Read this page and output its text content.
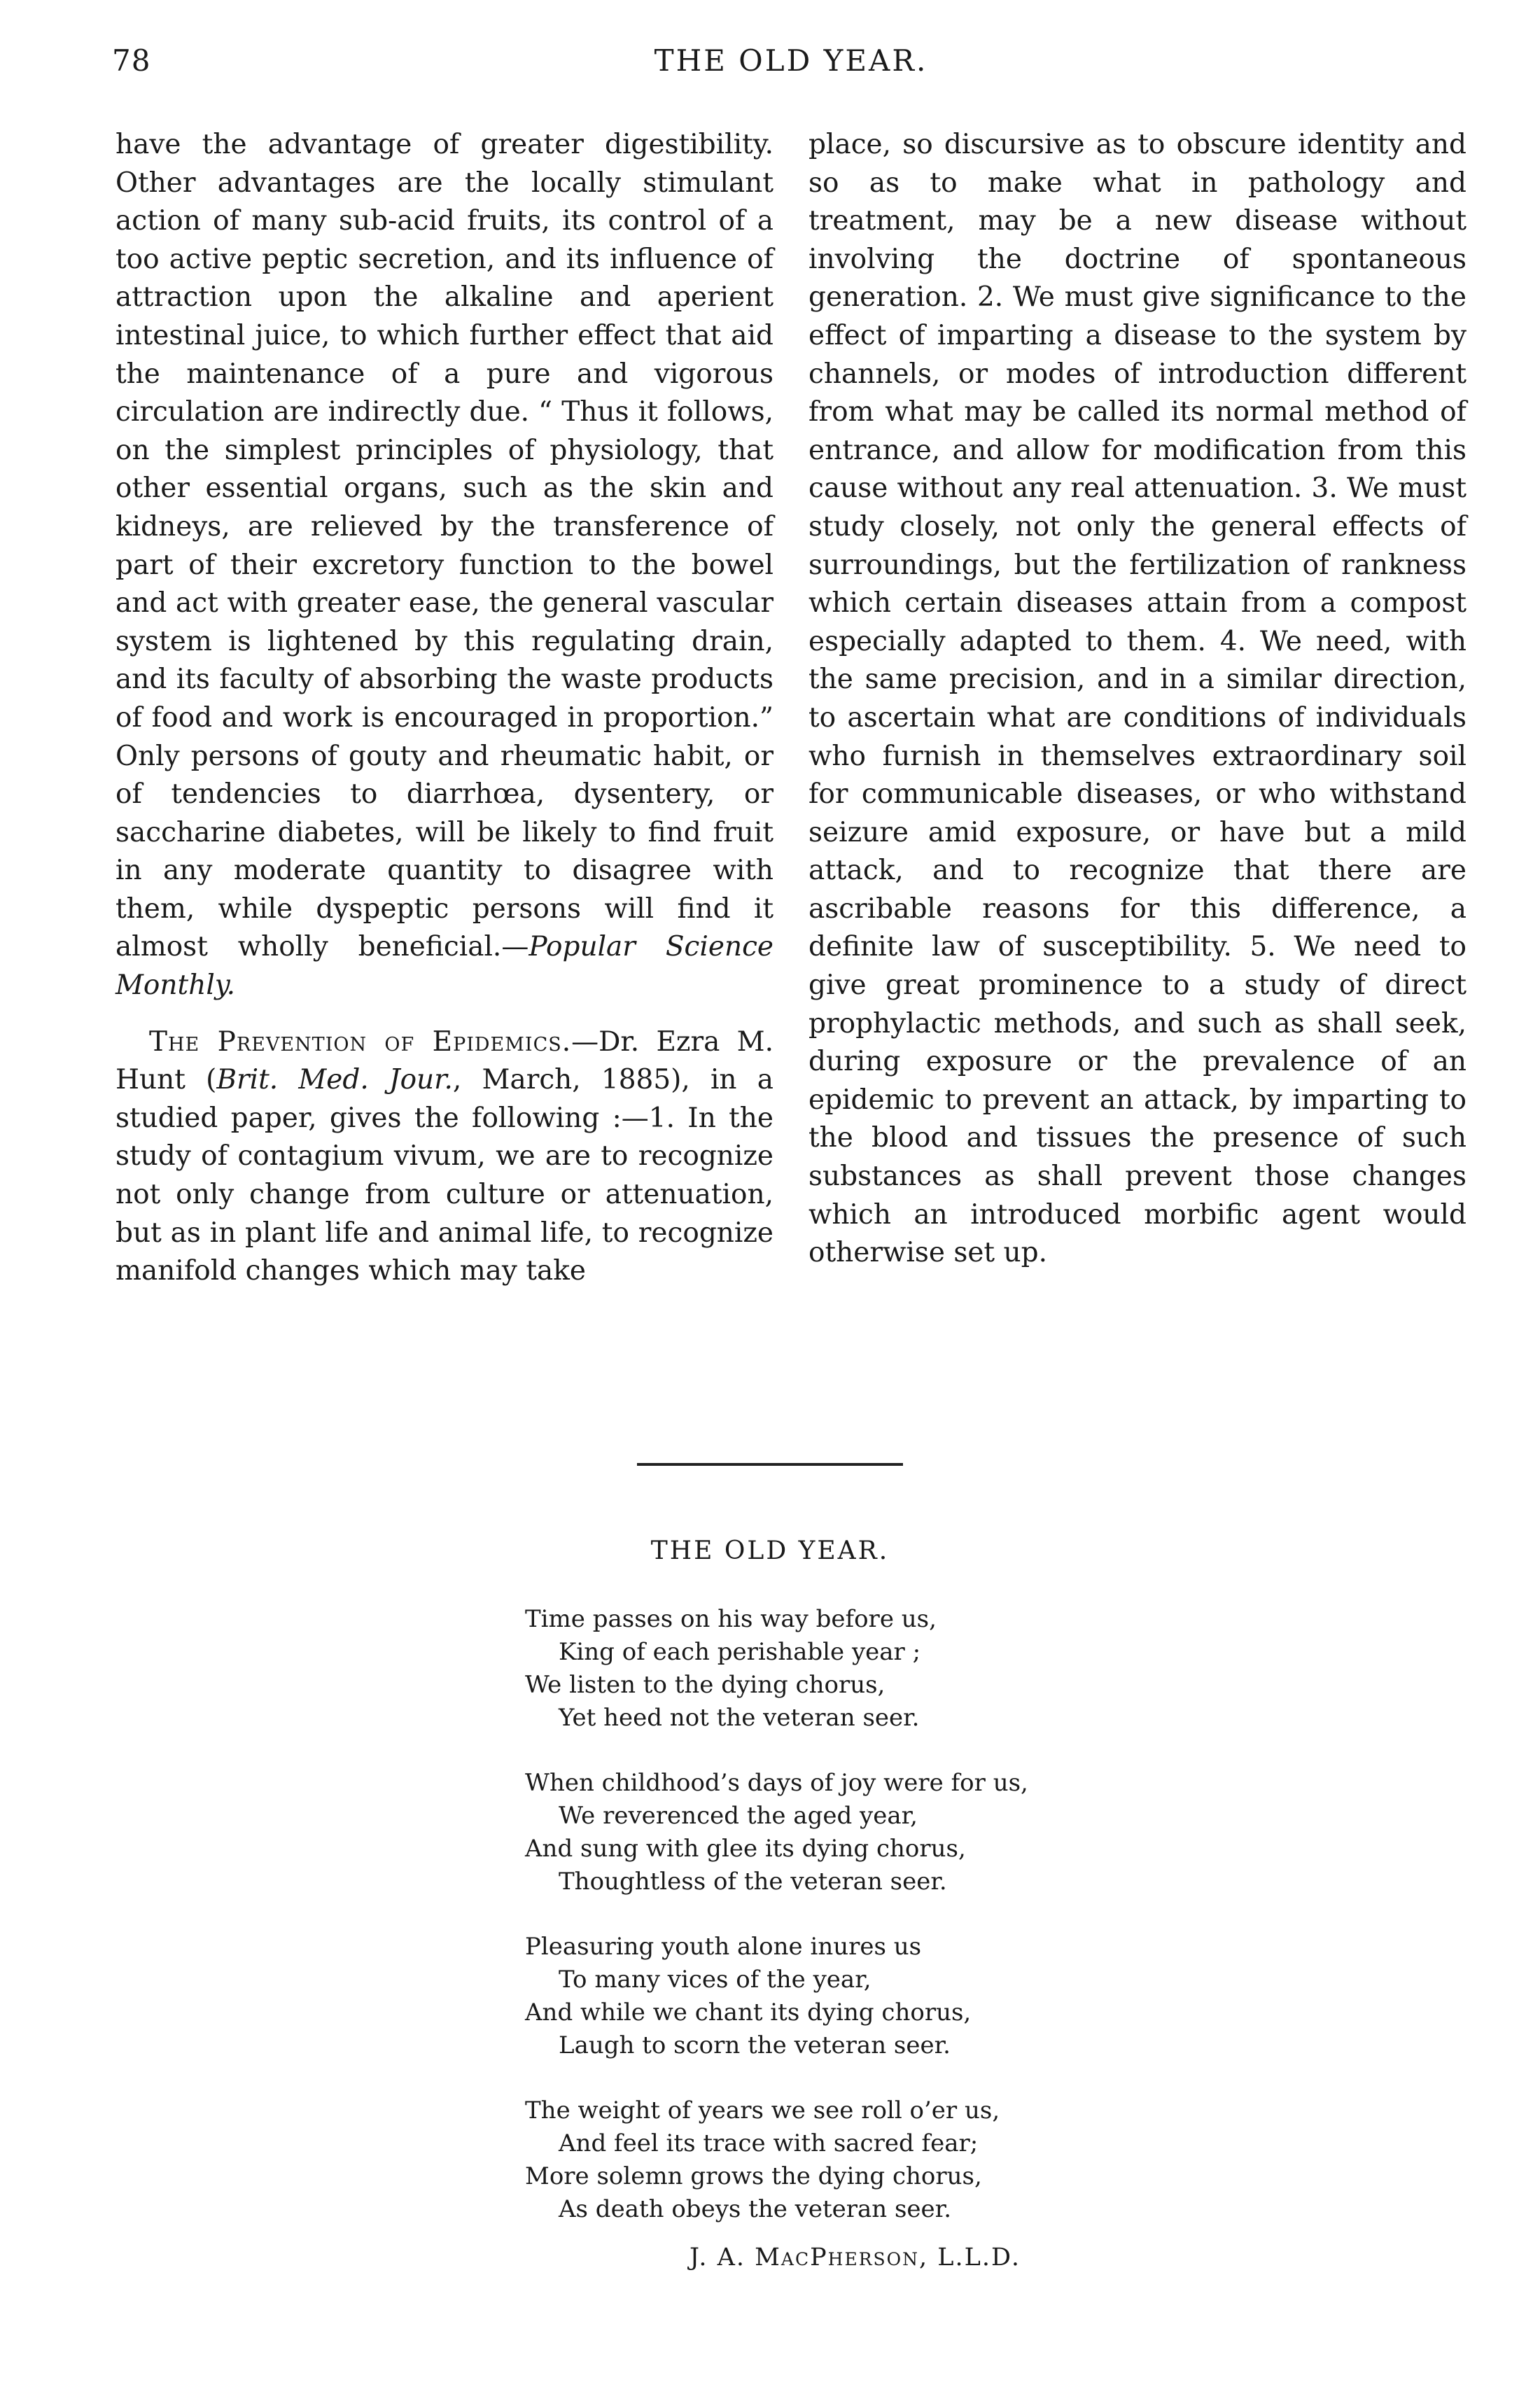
78	THE OLD YEAR.

have the advantage of greater digestibility. Other advantages are the locally stimulant action of many sub-acid fruits, its control of a too active peptic secretion, and its influence of attraction upon the alkaline and aperient intestinal juice, to which further effect that aid the maintenance of a pure and vigorous circulation are indirectly due. “ Thus it follows, on the simplest principles of physiology, that other essential organs, such as the skin and kidneys, are relieved by the transference of part of their excretory function to the bowel and act with greater ease, the general vascular system is lightened by this regulating drain, and its faculty of absorbing the waste products of food and work is encouraged in proportion.” Only persons of gouty and rheumatic habit, or of tendencies to diarrhœa, dysentery, or saccharine diabetes, will be likely to find fruit in any moderate quantity to disagree with them, while dyspeptic persons will find it almost wholly beneficial.—Popular Science Monthly.

The Prevention of Epidemics.—Dr. Ezra M. Hunt (Brit. Med. Jour., March, 1885), in a studied paper, gives the following :—1. In the study of contagium vivum, we are to recognize not only change from culture or attenuation, but as in plant life and animal life, to recognize manifold changes which may take

place, so discursive as to obscure identity and so as to make what in pathology and treatment, may be a new disease without involving the doctrine of spontaneous generation. 2. We must give significance to the effect of imparting a disease to the system by channels, or modes of introduction different from what may be called its normal method of entrance, and allow for modification from this cause without any real attenuation. 3. We must study closely, not only the general effects of surroundings, but the fertilization of rankness which certain diseases attain from a compost especially adapted to them. 4. We need, with the same precision, and in a similar direction, to ascertain what are conditions of individuals who furnish in themselves extraordinary soil for communicable diseases, or who withstand seizure amid exposure, or have but a mild attack, and to recognize that there are ascribable reasons for this difference, a definite law of susceptibility. 5. We need to give great prominence to a study of direct prophylactic methods, and such as shall seek, during exposure or the prevalence of an epidemic to prevent an attack, by imparting to the blood and tissues the presence of such substances as shall prevent those changes which an introduced morbific agent would otherwise set up.

THE OLD YEAR.
Time passes on his way before us,
King of each perishable year ;
We listen to the dying chorus,
Yet heed not the veteran seer.
When childhood’s days of joy were for us,
We reverenced the aged year,
And sung with glee its dying chorus,
Thoughtless of the veteran seer.
Pleasuring youth alone inures us
To many vices of the year,
And while we chant its dying chorus,
Laugh to scorn the veteran seer.
The weight of years we see roll o’er us,
And feel its trace with sacred fear;
More solemn grows the dying chorus,
As death obeys the veteran seer.
J. A. MacPherson, L.L.D.
